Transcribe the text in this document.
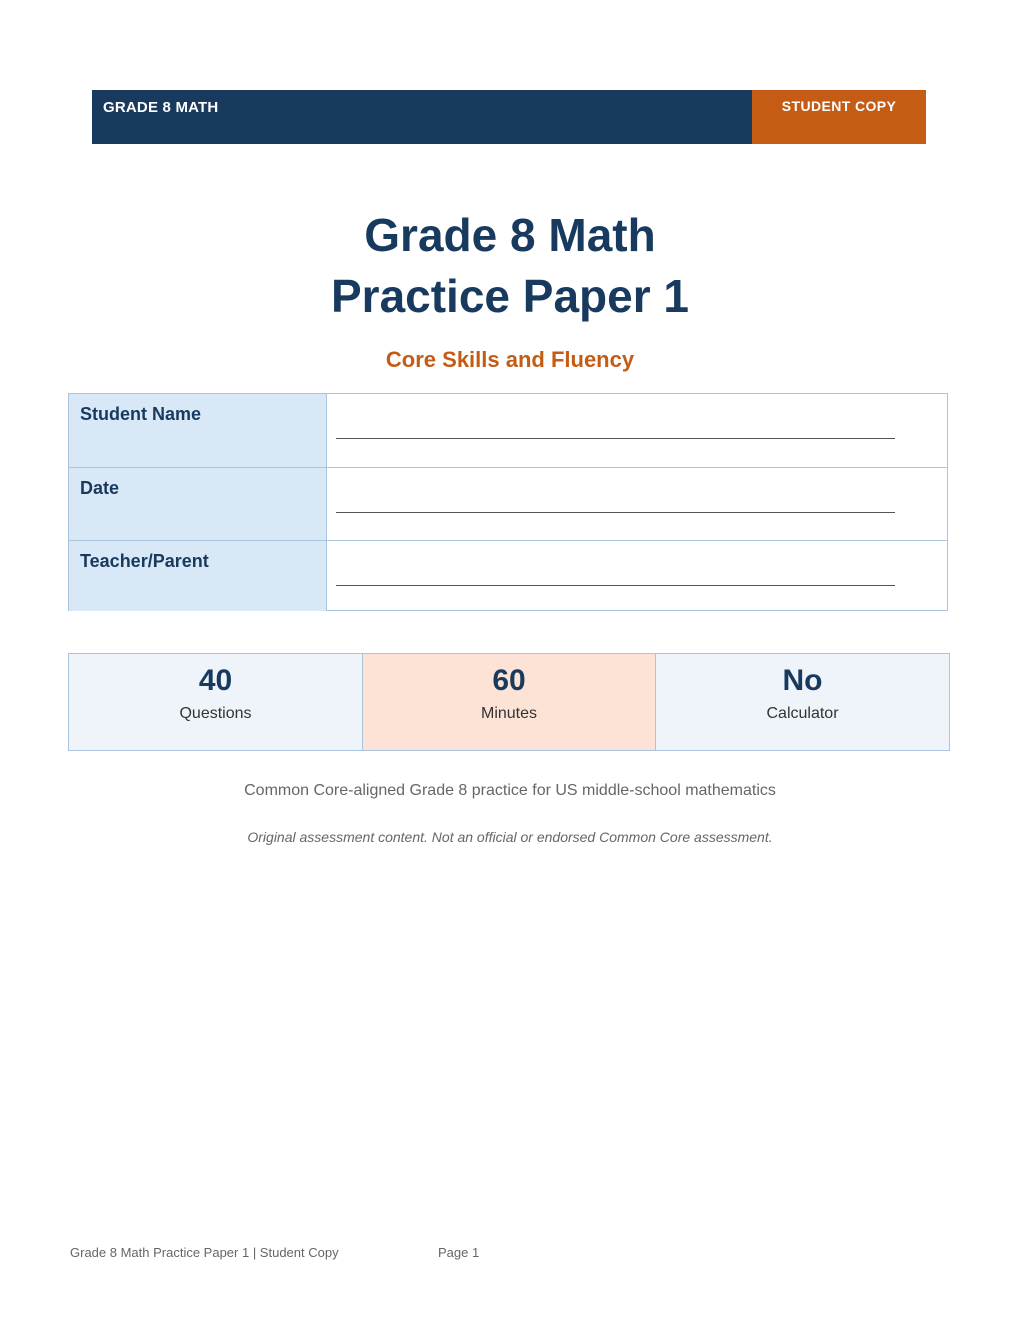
GRADE 8 MATH	STUDENT COPY
Grade 8 Math
Practice Paper 1
Core Skills and Fluency
Student Name
Date
Teacher/Parent
40
Questions
60
Minutes
No
Calculator
Common Core-aligned Grade 8 practice for US middle-school mathematics
Original assessment content. Not an official or endorsed Common Core assessment.
Grade 8 Math Practice Paper 1 | Student Copy	Page 1
